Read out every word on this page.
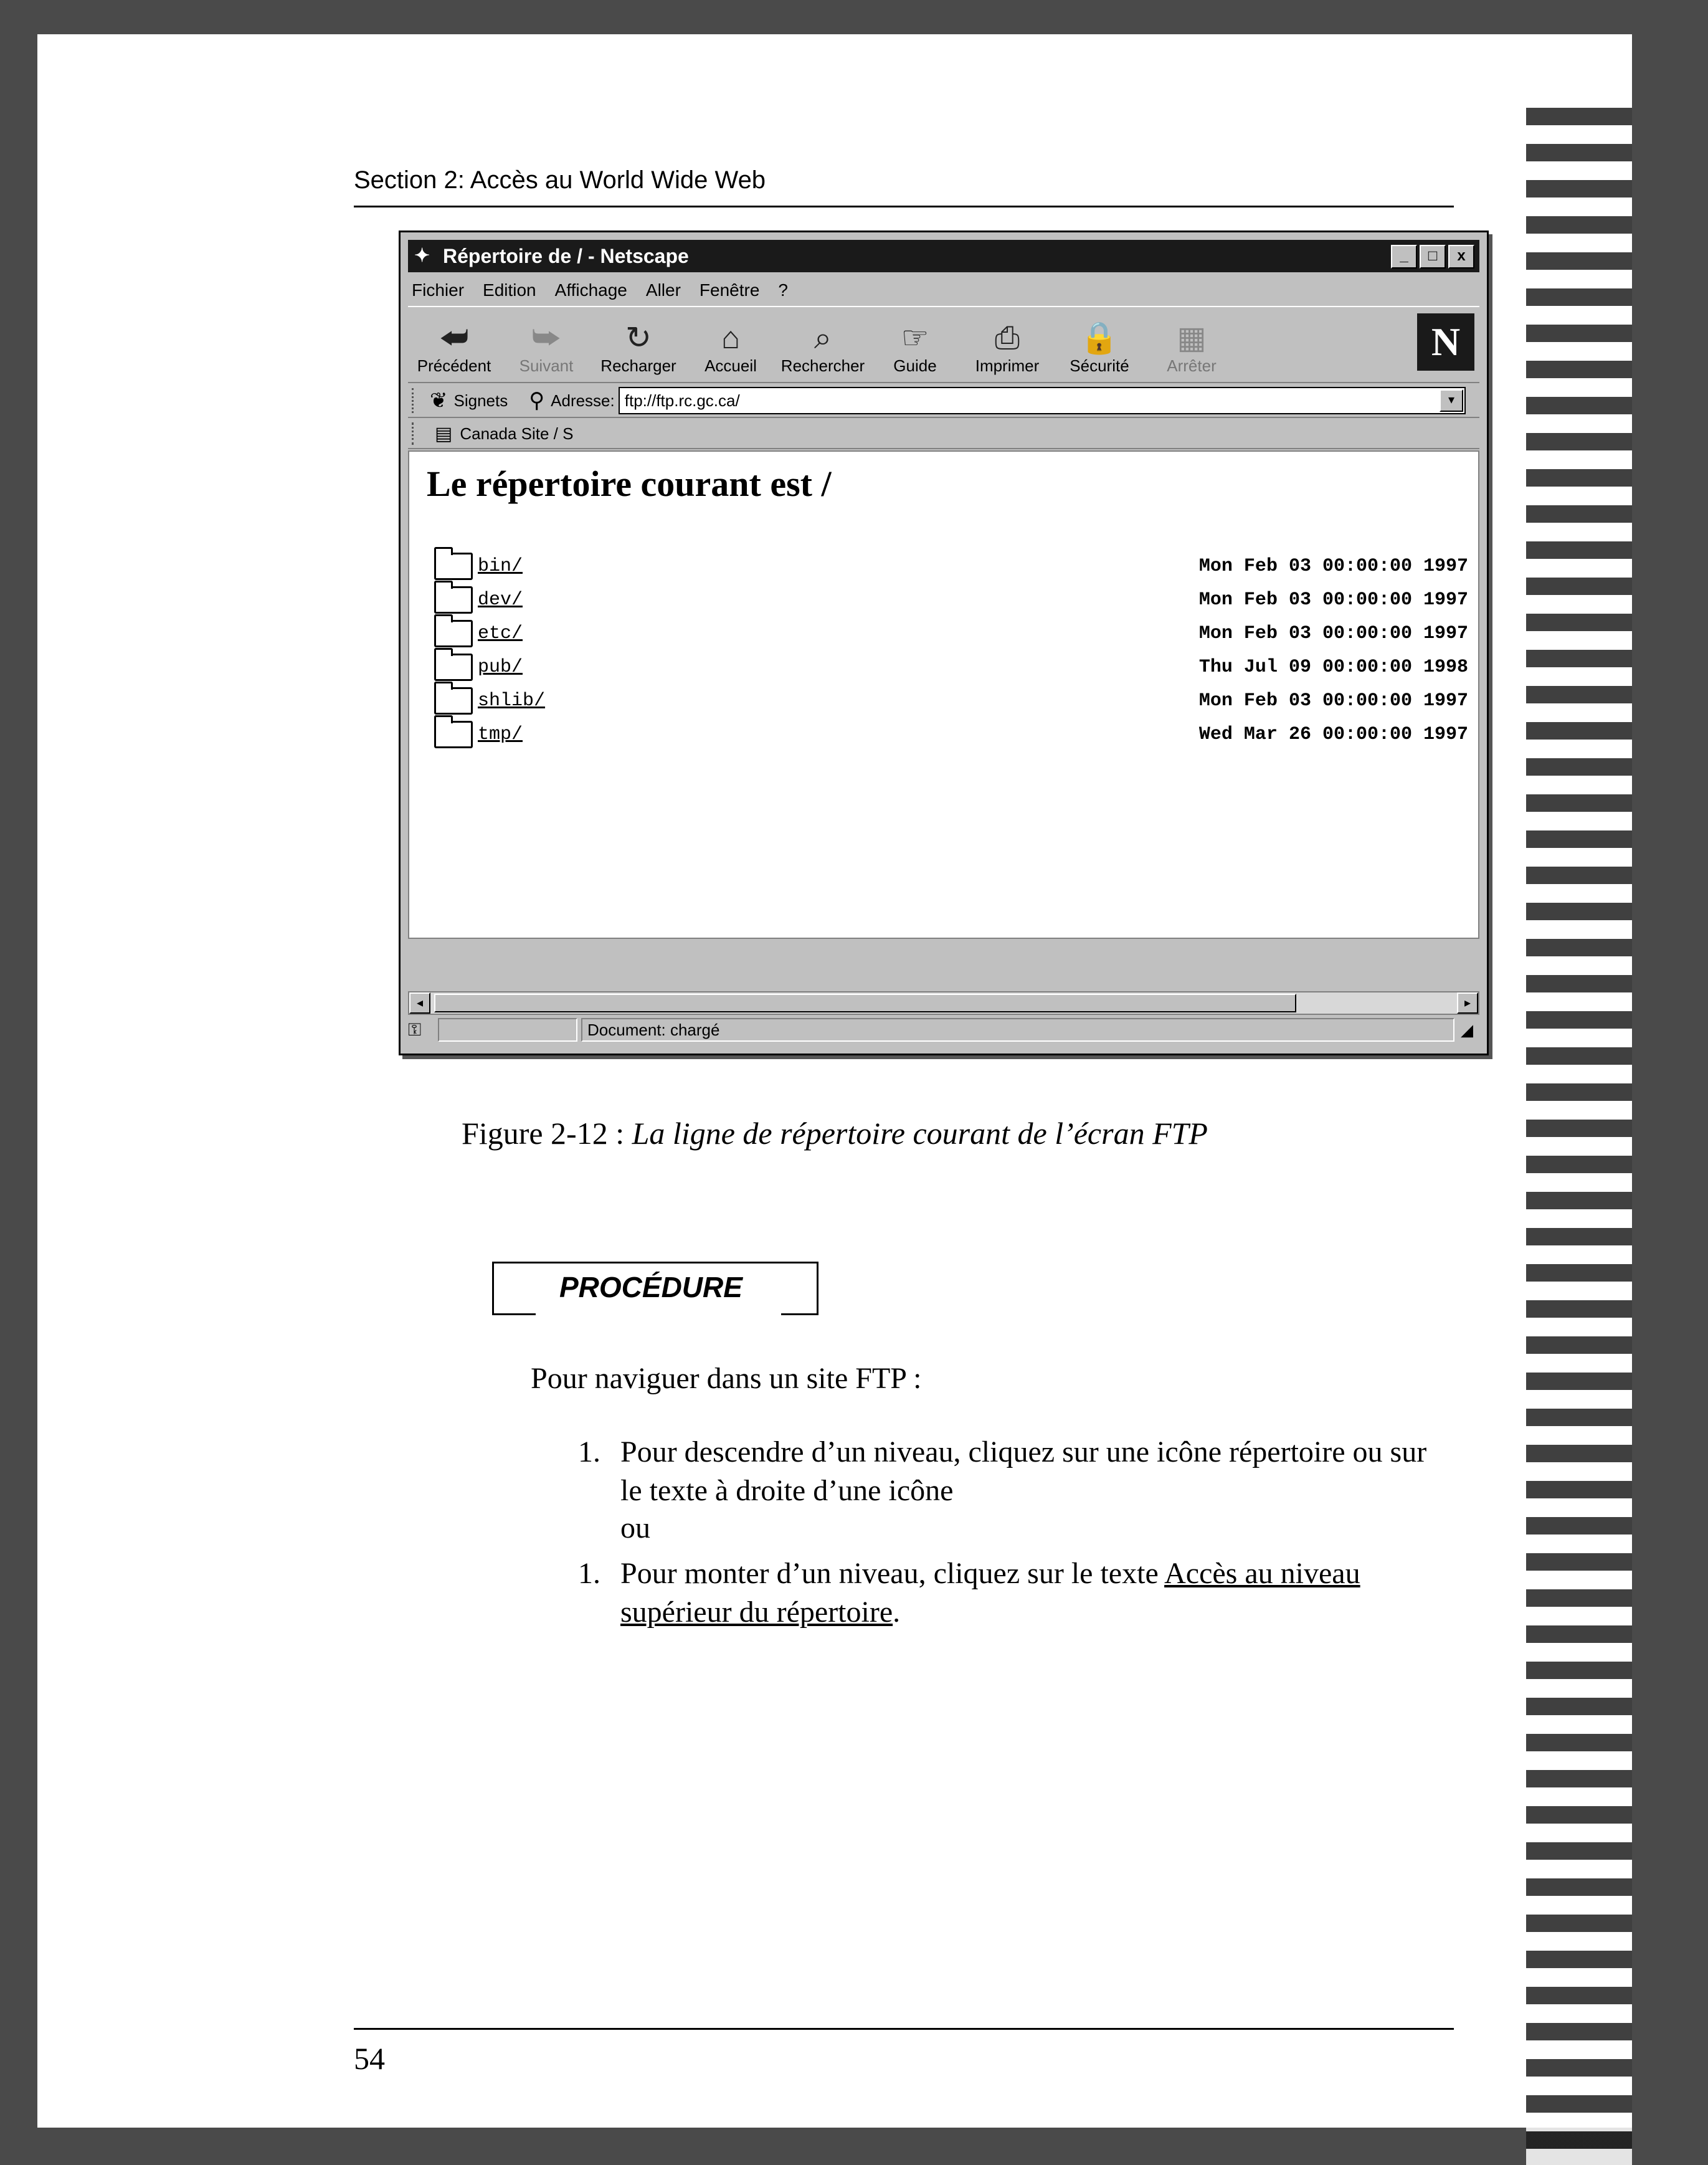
Section 2: Accès au World Wide Web
✦ Répertoire de / - Netscape	_	□	x
Fichier Edition Affichage Aller Fenêtre ?
⮨
Précédent
⮩
Suivant
↻
Recharger
⌂
Accueil
⌕
Rechercher
☞
Guide
⎙
Imprimer
🔒
Sécurité
▦
Arrêter
N
❦ Signets ⚲ Adresse: ftp://ftp.rc.gc.ca/	▾
▤ Canada Site / S
Le répertoire courant est /
bin/	Mon Feb 03 00:00:00 1997
dev/	Mon Feb 03 00:00:00 1997
etc/	Mon Feb 03 00:00:00 1997
pub/	Thu Jul 09 00:00:00 1998
shlib/	Mon Feb 03 00:00:00 1997
tmp/	Wed Mar 26 00:00:00 1997
◂	▸
⚿	Document: chargé	◢
Figure 2-12 : La ligne de répertoire courant de l’écran FTP
PROCÉDURE
Pour naviguer dans un site FTP :
1. Pour descendre d’un niveau, cliquez sur une icône répertoire ou sur le texte à droite d’une icône
ou
1. Pour monter d’un niveau, cliquez sur le texte Accès au niveau supérieur du répertoire.
54
